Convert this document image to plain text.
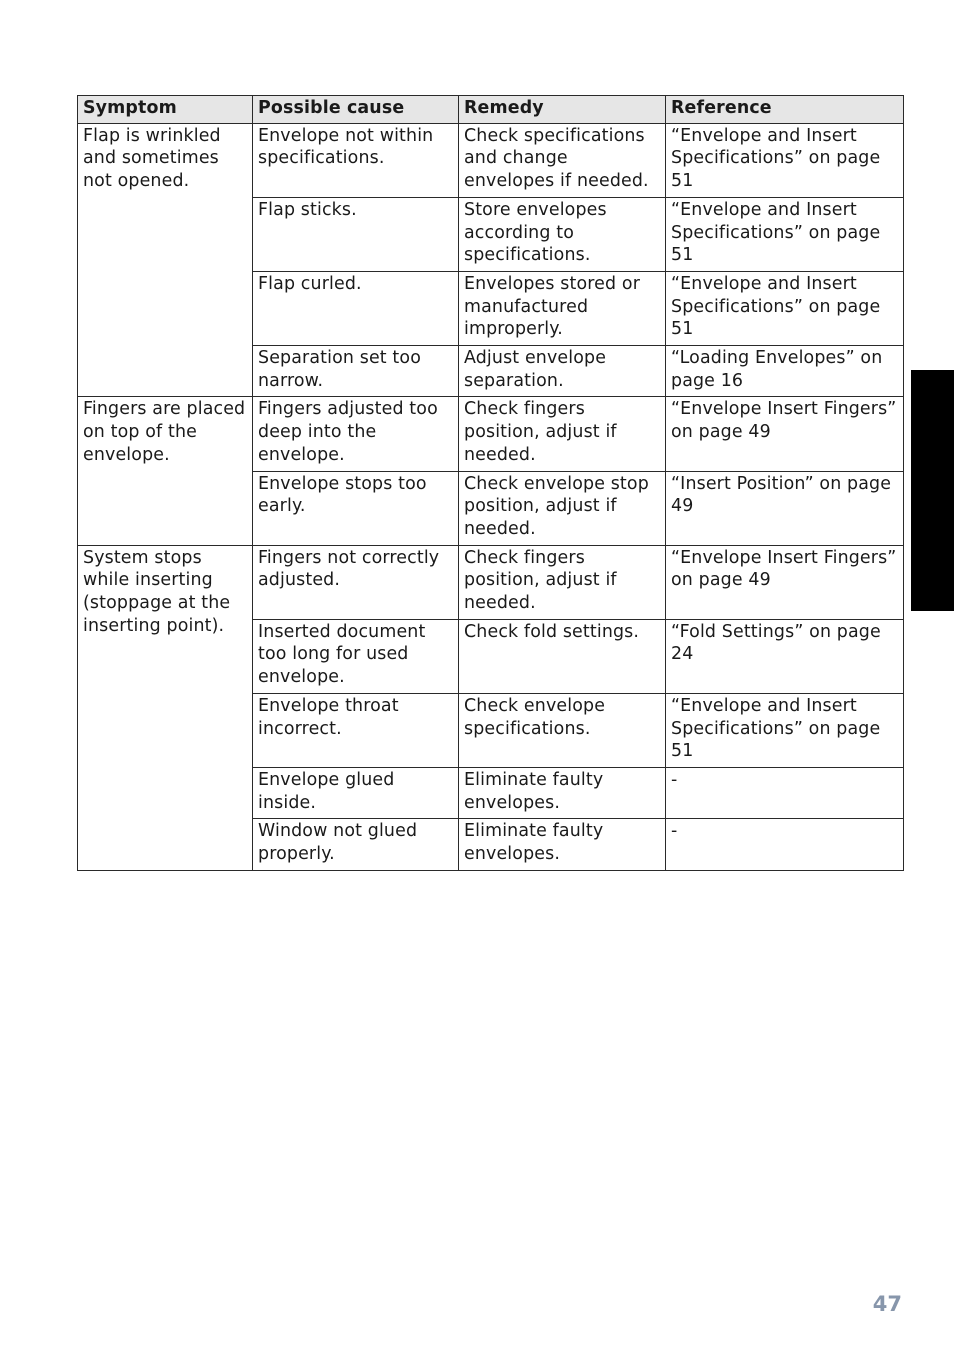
Symptom	Possible cause	Remedy	Reference
Flap is wrinkled and sometimes not opened.	Envelope not within specifications.	Check specifications and change envelopes if needed.	“Envelope and Insert Specifications” on page 51
	Flap sticks.	Store envelopes according to specifications.	“Envelope and Insert Specifications” on page 51
	Flap curled.	Envelopes stored or manufactured improperly.	“Envelope and Insert Specifications” on page 51
	Separation set too narrow.	Adjust envelope separation.	“Loading Envelopes” on page 16
Fingers are placed on top of the envelope.	Fingers adjusted too deep into the envelope.	Check fingers position, adjust if needed.	“Envelope Insert Fingers” on page 49
	Envelope stops too early.	Check envelope stop position, adjust if needed.	“Insert Position” on page 49
System stops while inserting (stoppage at the inserting point).	Fingers not correctly adjusted.	Check fingers position, adjust if needed.	“Envelope Insert Fingers” on page 49
	Inserted document too long for used envelope.	Check fold settings.	“Fold Settings” on page 24
	Envelope throat incorrect.	Check envelope specifications.	“Envelope and Insert Specifications” on page 51
	Envelope glued inside.	Eliminate faulty envelopes.	-
	Window not glued properly.	Eliminate faulty envelopes.	-
47
